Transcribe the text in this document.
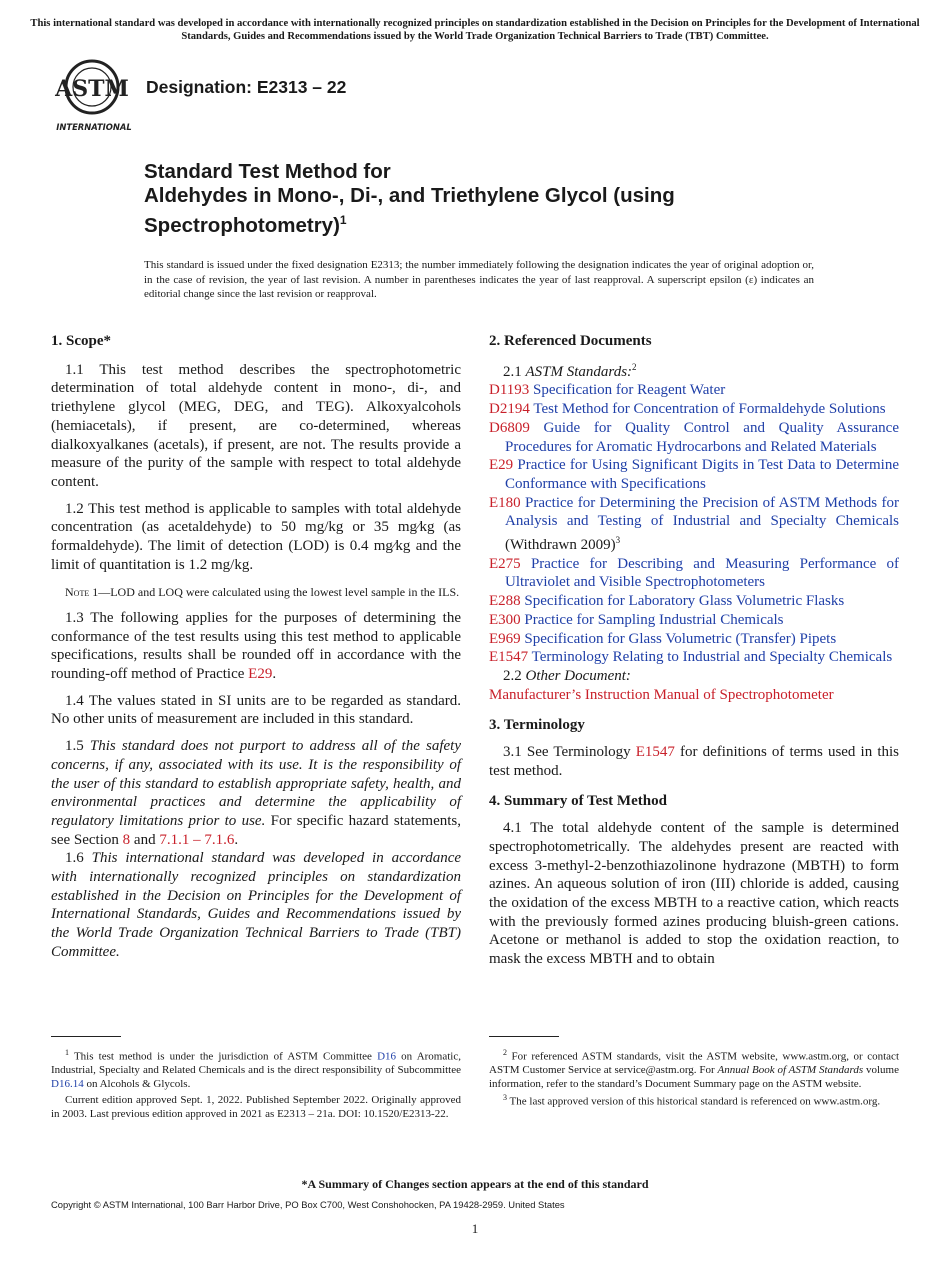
This international standard was developed in accordance with internationally recognized principles on standardization established in the Decision on Principles for the Development of International Standards, Guides and Recommendations issued by the World Trade Organization Technical Barriers to Trade (TBT) Committee.
ASTM
INTERNATIONAL
Designation: E2313 – 22
Standard Test Method for
Aldehydes in Mono-, Di-, and Triethylene Glycol (using Spectrophotometry)$^1$
This standard is issued under the fixed designation E2313; the number immediately following the designation indicates the year of original adoption or, in the case of revision, the year of last revision. A number in parentheses indicates the year of last reapproval. A superscript epsilon (ε) indicates an editorial change since the last revision or reapproval.
1. Scope*

1.1 This test method describes the spectrophotometric determination of total aldehyde content in mono-, di-, and triethylene glycol (MEG, DEG, and TEG). Alkoxyalcohols (hemiacetals), if present, are co-determined, whereas dialkoxyalkanes (acetals), if present, are not. The results provide a measure of the purity of the sample with respect to total aldehyde content.

1.2 This test method is applicable to samples with total aldehyde concentration (as acetaldehyde) to 50 mg/kg or 35 mg⁄kg (as formaldehyde). The limit of detection (LOD) is 0.4 mg⁄kg and the limit of quantitation is 1.2 mg/kg.

Note 1—LOD and LOQ were calculated using the lowest level sample in the ILS.

1.3 The following applies for the purposes of determining the conformance of the test results using this test method to applicable specifications, results shall be rounded off in accordance with the rounding-off method of Practice E29.

1.4 The values stated in SI units are to be regarded as standard. No other units of measurement are included in this standard.

1.5 This standard does not purport to address all of the safety concerns, if any, associated with its use. It is the responsibility of the user of this standard to establish appropriate safety, health, and environmental practices and determine the applicability of regulatory limitations prior to use. For specific hazard statements, see Section 8 and 7.1.1 – 7.1.6.

1.6 This international standard was developed in accordance with internationally recognized principles on standardization established in the Decision on Principles for the Development of International Standards, Guides and Recommendations issued by the World Trade Organization Technical Barriers to Trade (TBT) Committee.

2. Referenced Documents

2.1 ASTM Standards:$^2$

D1193 Specification for Reagent Water

D2194 Test Method for Concentration of Formaldehyde Solutions

D6809 Guide for Quality Control and Quality Assurance Procedures for Aromatic Hydrocarbons and Related Materials

E29 Practice for Using Significant Digits in Test Data to Determine Conformance with Specifications

E180 Practice for Determining the Precision of ASTM Methods for Analysis and Testing of Industrial and Specialty Chemicals (Withdrawn 2009)$^3$

E275 Practice for Describing and Measuring Performance of Ultraviolet and Visible Spectrophotometers

E288 Specification for Laboratory Glass Volumetric Flasks

E300 Practice for Sampling Industrial Chemicals

E969 Specification for Glass Volumetric (Transfer) Pipets

E1547 Terminology Relating to Industrial and Specialty Chemicals

2.2 Other Document:

Manufacturer’s Instruction Manual of Spectrophotometer

3. Terminology

3.1 See Terminology E1547 for definitions of terms used in this test method.

4. Summary of Test Method

4.1 The total aldehyde content of the sample is determined spectrophotometrically. The aldehydes present are reacted with excess 3-methyl-2-benzothiazolinone hydrazone (MBTH) to form azines. An aqueous solution of iron (III) chloride is added, causing the oxidation of the excess MBTH to a reactive cation, which reacts with the previously formed azines producing bluish-green cations. Acetone or methanol is added to stop the oxidation reaction, to mask the excess MBTH and to obtain

$^1$ This test method is under the jurisdiction of ASTM Committee D16 on Aromatic, Industrial, Specialty and Related Chemicals and is the direct responsibility of Subcommittee D16.14 on Alcohols & Glycols.

Current edition approved Sept. 1, 2022. Published September 2022. Originally approved in 2003. Last previous edition approved in 2021 as E2313 – 21a. DOI: 10.1520/E2313-22.

$^2$ For referenced ASTM standards, visit the ASTM website, www.astm.org, or contact ASTM Customer Service at service@astm.org. For Annual Book of ASTM Standards volume information, refer to the standard’s Document Summary page on the ASTM website.

$^3$ The last approved version of this historical standard is referenced on www.astm.org.

*A Summary of Changes section appears at the end of this standard
Copyright © ASTM International, 100 Barr Harbor Drive, PO Box C700, West Conshohocken, PA 19428-2959. United States
1
